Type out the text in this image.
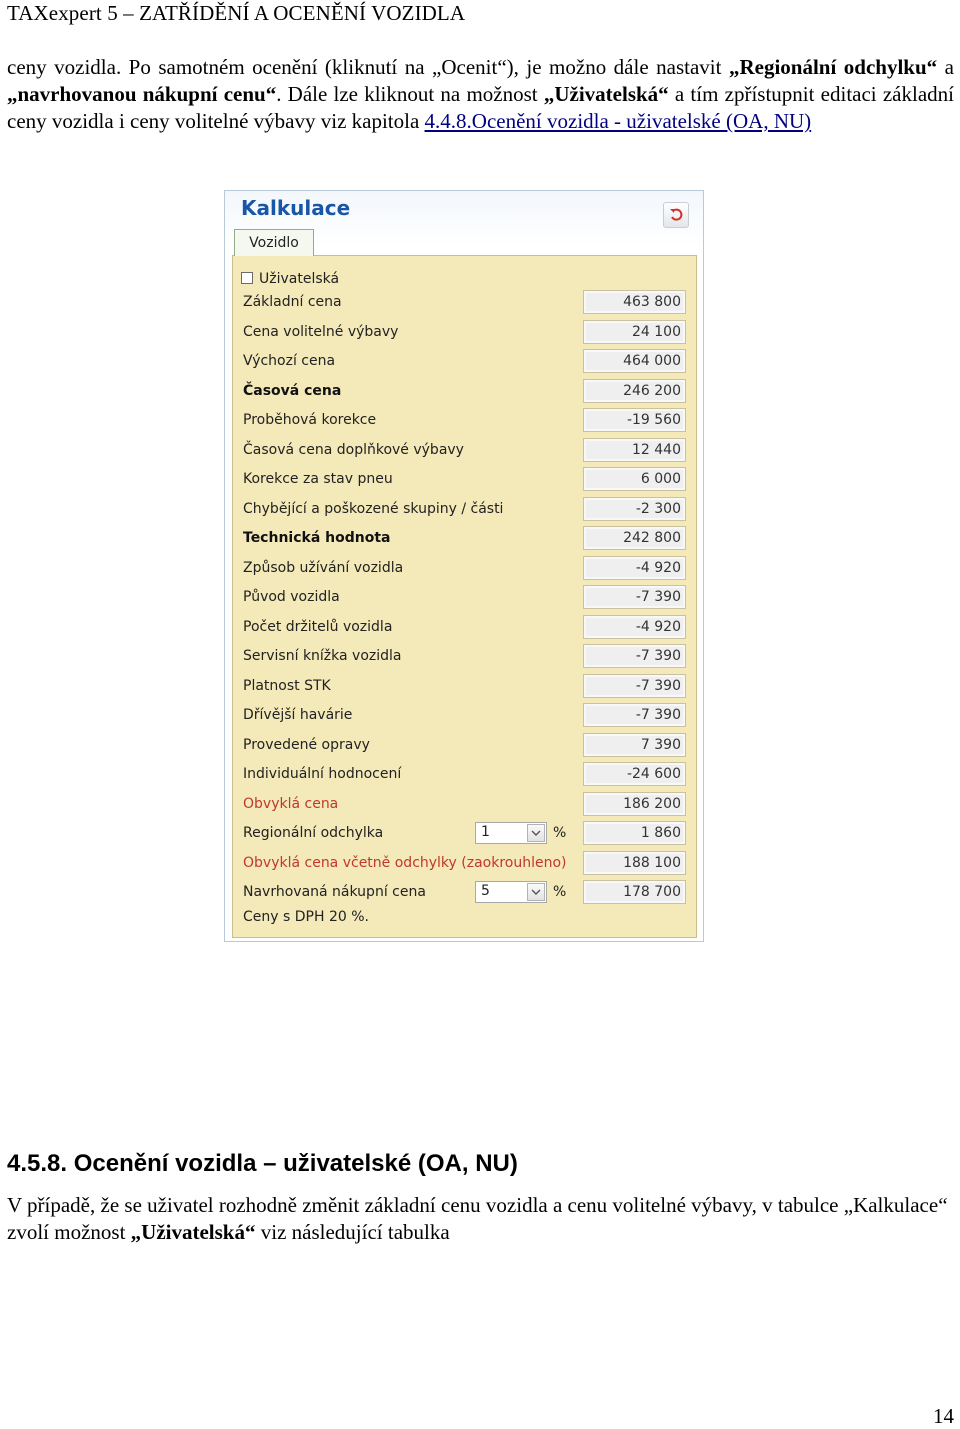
TAXexpert 5 – ZATŘÍDĚNÍ A OCENĚNÍ VOZIDLA
ceny vozidla. Po samotném ocenění (kliknutí na „Ocenit“), je možno dále nastavit „Regionální odchylku“ a „navrhovanou nákupní cenu“. Dále lze kliknout na možnost „Uživatelská“ a tím zpřístupnit editaci základní ceny vozidla i ceny volitelné výbavy viz kapitola 4.4.8.Ocenění vozidla - uživatelské (OA, NU)
Kalkulace
Vozidlo
Uživatelská
Základní cena	463 800
Cena volitelné výbavy	24 100
Výchozí cena	464 000
Časová cena	246 200
Proběhová korekce	-19 560
Časová cena doplňkové výbavy	12 440
Korekce za stav pneu	6 000
Chybějící a poškozené skupiny / části	-2 300
Technická hodnota	242 800
Způsob užívání vozidla	-4 920
Původ vozidla	-7 390
Počet držitelů vozidla	-4 920
Servisní knížka vozidla	-7 390
Platnost STK	-7 390
Dřívější havárie	-7 390
Provedené opravy	7 390
Individuální hodnocení	-24 600
Obvyklá cena	186 200
Regionální odchylka	1	%	1 860
Obvyklá cena včetně odchylky (zaokrouhleno)	188 100
Navrhovaná nákupní cena	5	%	178 700
Ceny s DPH 20 %.
4.5.8. Ocenění vozidla – uživatelské (OA, NU)
V případě, že se uživatel rozhodně změnit základní cenu vozidla a cenu volitelné výbavy, v tabulce „Kalkulace“ zvolí možnost „Uživatelská“ viz následující tabulka
14
